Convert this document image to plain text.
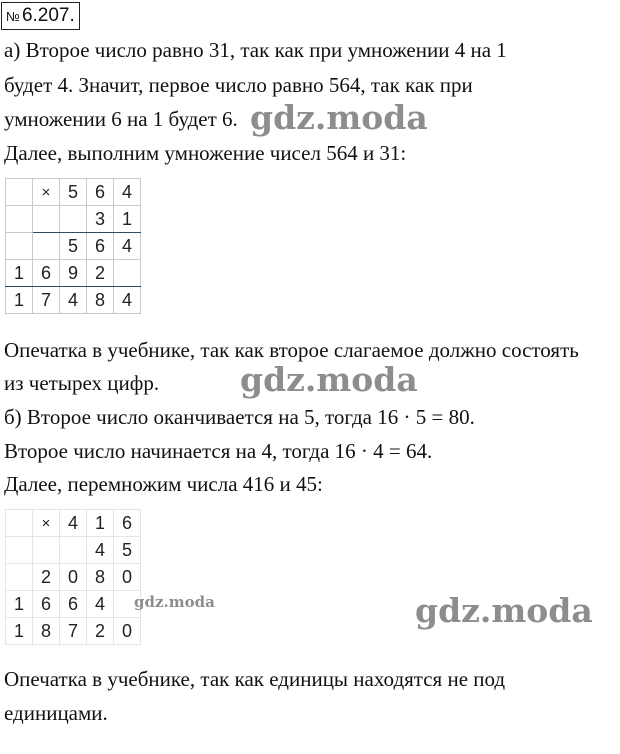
№ 6.207.
а) Второе число равно 31, так как при умножении 4 на 1
будет 4. Значит, первое число равно 564, так как при
умножении 6 на 1 будет 6.
Далее, выполним умножение чисел 564 и 31:
	×	5	6	4
			3	1
		5	6	4
1	6	9	2	
1	7	4	8	4
Опечатка в учебнике, так как второе слагаемое должно состоять
из четырех цифр.
б) Второе число оканчивается на 5, тогда 16 · 5 = 80.
Второе число начинается на 4, тогда 16 · 4 = 64.
Далее, перемножим числа 416 и 45:
	×	4	1	6
			4	5
	2	0	8	0
1	6	6	4	
1	8	7	2	0
Опечатка в учебнике, так как единицы находятся не под
единицами.
gdz.moda
gdz.moda
gdz.moda
gdz.moda
